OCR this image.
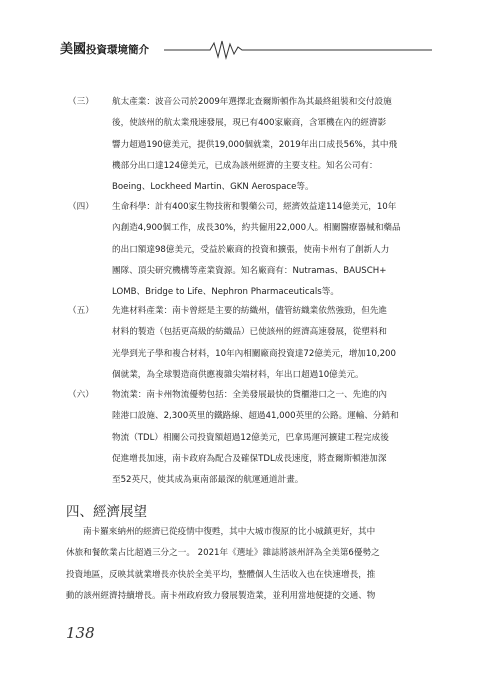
美國投資環境簡介
（三）	航太產業：波音公司於2009年選擇北查爾斯頓作為其最終組裝和交付設施
後，使該州的航太業飛速發展，現已有400家廠商，含軍機在內的經濟影
響力超過190億美元，提供19,000個就業，2019年出口成長56%，其中飛
機部分出口達124億美元，已成為該州經濟的主要支柱。知名公司有：
Boeing、Lockheed Martin、GKN Aerospace等。
（四）	生命科學：計有400家生物技術和製藥公司，經濟效益達114億美元，10年
內創造4,900個工作，成長30%，約共僱用22,000人。相關醫療器械和藥品
的出口額達98億美元，受益於廠商的投資和擴張，使南卡州有了創新人力
團隊、頂尖研究機構等產業資源。知名廠商有：Nutramas、BAUSCH+
LOMB、Bridge to Life、Nephron Pharmaceuticals等。
（五）	先進材料產業：南卡曾經是主要的紡織州，儘管紡織業依然強勁，但先進
材料的製造（包括更高級的紡織品）已使該州的經濟高速發展，從塑料和
光學到光子學和複合材料，10年內相關廠商投資達72億美元，增加10,200
個就業，為全球製造商供應複雜尖端材料，年出口超過10億美元。
（六）	物流業：南卡州物流優勢包括：全美發展最快的貨櫃港口之一、先進的內
陸港口設施、2,300英里的鐵路線、超過41,000英里的公路。運輸、分銷和
物流（TDL）相關公司投資額超過12億美元，巴拿馬運河擴建工程完成後
促進增長加速，南卡政府為配合及確保TDL成長速度，將查爾斯頓港加深
至52英尺，使其成為東南部最深的航運通道計畫。
四、經濟展望
南卡羅來納州的經濟已從疫情中復甦，其中大城市復原的比小城鎮更好，其中
休旅和餐飲業占比超過三分之一。 2021年《選址》雜誌將該州評為全美第6優勢之
投資地區，反映其就業增長亦快於全美平均，整體個人生活收入也在快速增長，推
動的該州經濟持續增長。南卡州政府致力發展製造業，並利用當地便捷的交通、物
138
